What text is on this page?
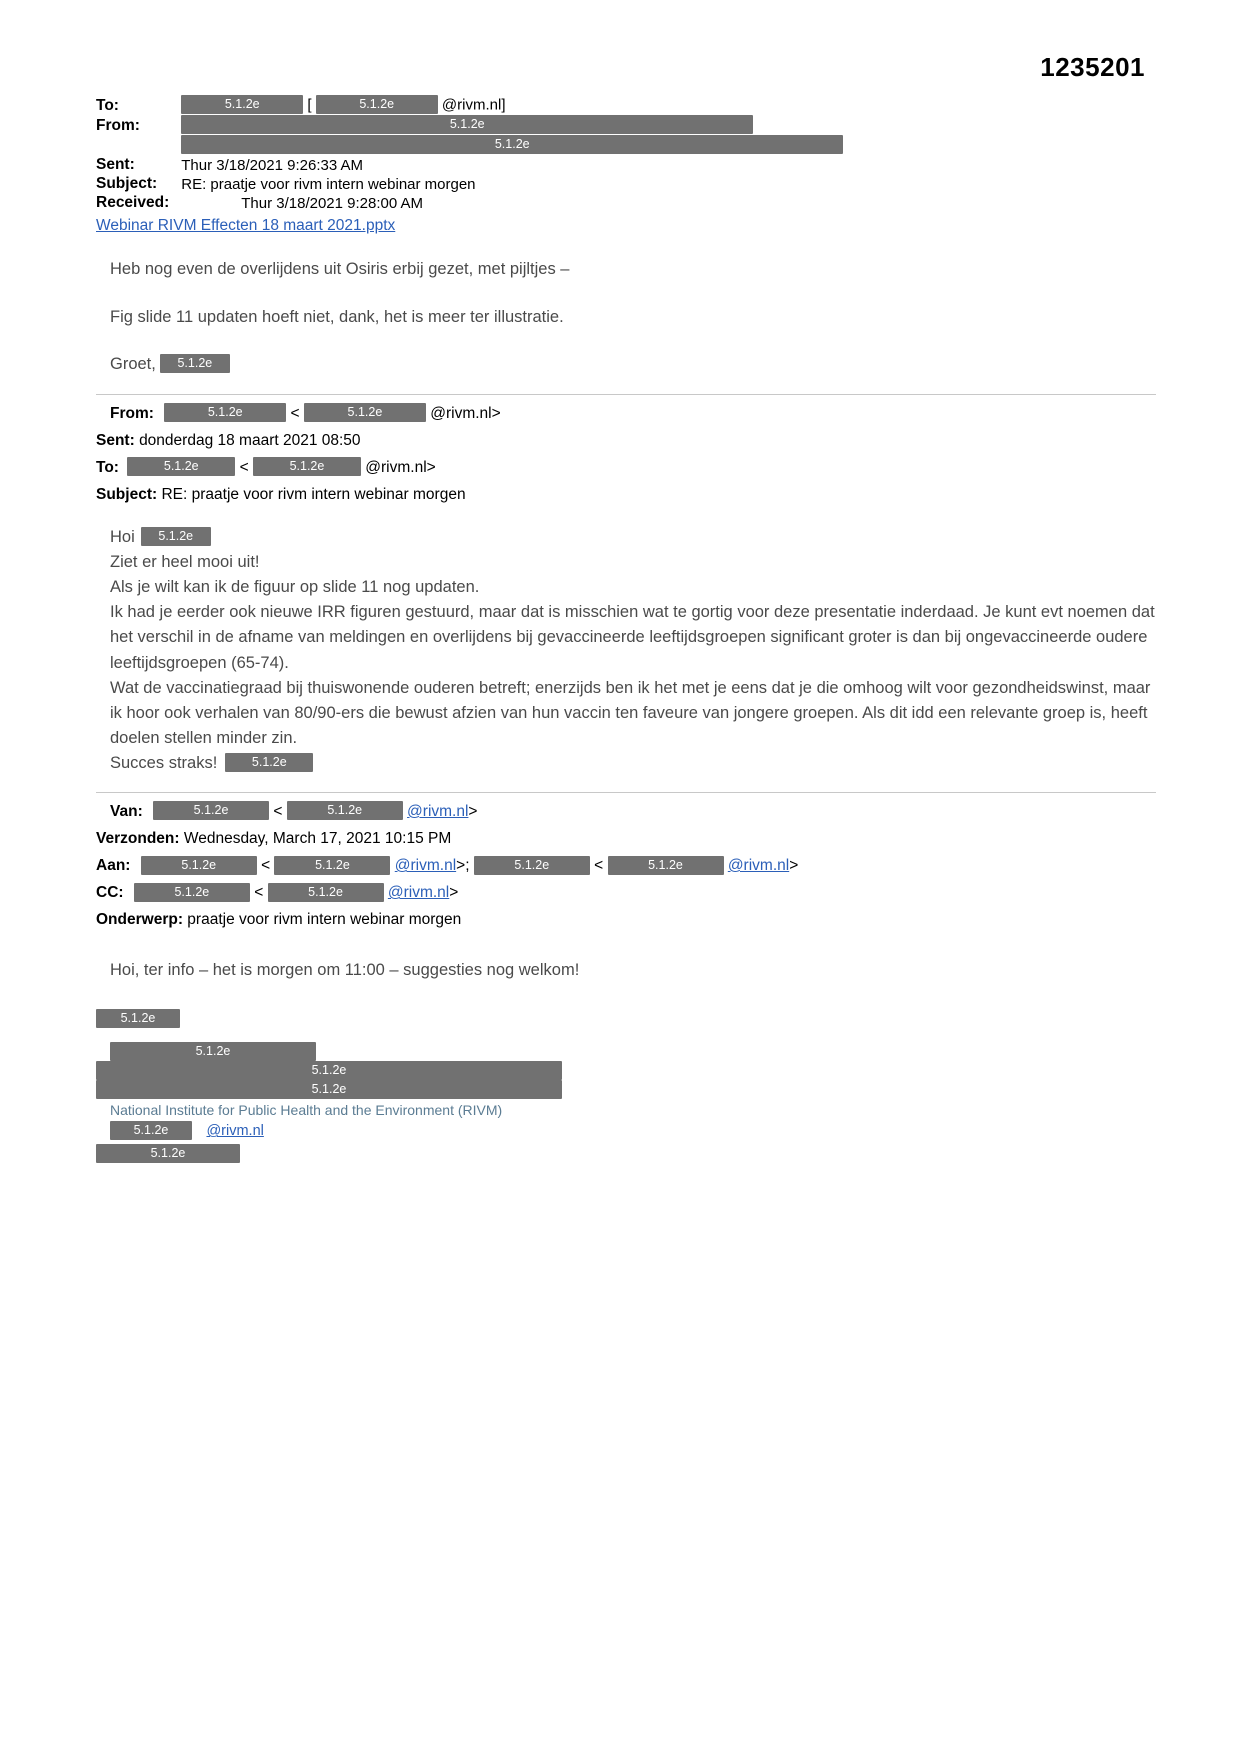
1235201
To:	5.1.2e [ 5.1.2e @rivm.nl]
From:	5.1.2e
	5.1.2e
Sent:	Thur 3/18/2021 9:26:33 AM
Subject:	RE: praatje voor rivm intern webinar morgen
Received:	Thur 3/18/2021 9:28:00 AM
Webinar RIVM Effecten 18 maart 2021.pptx
Heb nog even de overlijdens uit Osiris erbij gezet, met pijltjes –
Fig slide 11 updaten hoeft niet, dank, het is meer ter illustratie.
Groet, 5.1.2e
From:	5.1.2e	<	5.1.2e	@rivm.nl>
Sent: donderdag 18 maart 2021 08:50
To:	5.1.2e	<	5.1.2e	@rivm.nl>
Subject: RE: praatje voor rivm intern webinar morgen
Hoi 5.1.2e
Ziet er heel mooi uit!
Als je wilt kan ik de figuur op slide 11 nog updaten.
Ik had je eerder ook nieuwe IRR figuren gestuurd, maar dat is misschien wat te gortig voor deze presentatie inderdaad. Je kunt evt noemen dat het verschil in de afname van meldingen en overlijdens bij gevaccineerde leeftijdsgroepen significant groter is dan bij ongevaccineerde oudere leeftijdsgroepen (65-74).
Wat de vaccinatiegraad bij thuiswonende ouderen betreft; enerzijds ben ik het met je eens dat je die omhoog wilt voor gezondheidswinst, maar ik hoor ook verhalen van 80/90-ers die bewust afzien van hun vaccin ten faveure van jongere groepen. Als dit idd een relevante groep is, heeft doelen stellen minder zin.
Succes straks!	5.1.2e
Van:	5.1.2e	<	5.1.2e	@rivm.nl>
Verzonden: Wednesday, March 17, 2021 10:15 PM
Aan:	5.1.2e	<	5.1.2e	@rivm.nl>;	5.1.2e	<	5.1.2e	@rivm.nl>
CC:	5.1.2e	<	5.1.2e	@rivm.nl>
Onderwerp: praatje voor rivm intern webinar morgen
Hoi, ter info – het is morgen om 11:00 – suggesties nog welkom!
5.1.2e
5.1.2e
5.1.2e
5.1.2e
National Institute for Public Health and the Environment (RIVM)
5.1.2e	@rivm.nl
5.1.2e
